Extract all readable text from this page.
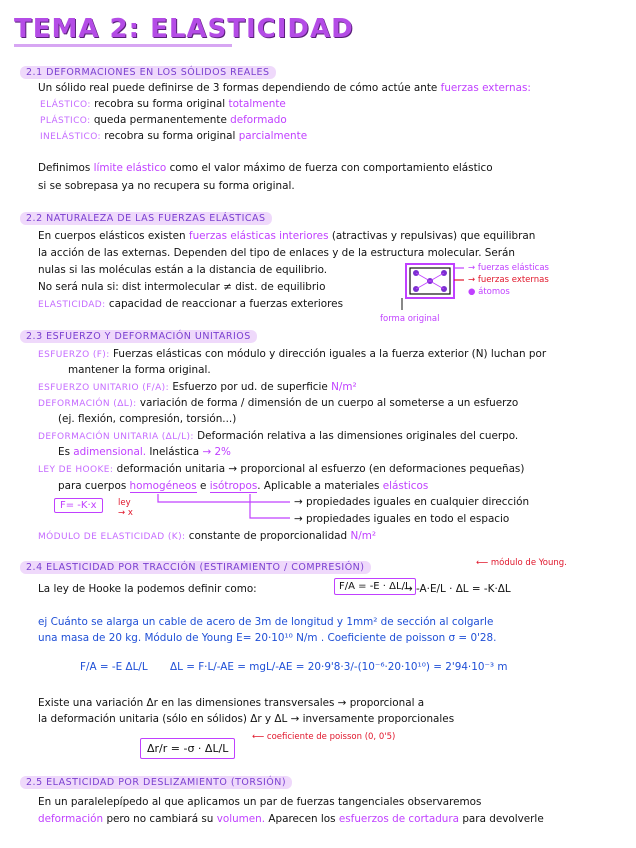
TEMA 2: ELASTICIDAD
2.1 DEFORMACIONES EN LOS SÓLIDOS REALES
Un sólido real puede definirse de 3 formas dependiendo de cómo actúe ante fuerzas externas:
ELÁSTICO: recobra su forma original totalmente
PLÁSTICO: queda permanentemente deformado
INELÁSTICO: recobra su forma original parcialmente
Definimos límite elástico como el valor máximo de fuerza con comportamiento elástico
si se sobrepasa ya no recupera su forma original.
2.2 NATURALEZA DE LAS FUERZAS ELÁSTICAS
En cuerpos elásticos existen fuerzas elásticas interiores (atractivas y repulsivas) que equilibran
la acción de las externas. Dependen del tipo de enlaces y de la estructura molecular. Serán
nulas si las moléculas están a la distancia de equilibrio.
No será nula si: dist intermolecular ≠ dist. de equilibrio
ELASTICIDAD: capacidad de reaccionar a fuerzas exteriores
→ fuerzas elásticas
→ fuerzas externas
● átomos
forma original
2.3 ESFUERZO Y DEFORMACIÓN UNITARIOS
ESFUERZO (F): Fuerzas elásticas con módulo y dirección iguales a la fuerza exterior (N) luchan por
mantener la forma original.
ESFUERZO UNITARIO (F/A): Esfuerzo por ud. de superficie N/m²
DEFORMACIÓN (ΔL): variación de forma / dimensión de un cuerpo al someterse a un esfuerzo
(ej. flexión, compresión, torsión...)
DEFORMACIÓN UNITARIA (ΔL/L): Deformación relativa a las dimensiones originales del cuerpo.
Es adimensional. Inelástica → 2%
LEY DE HOOKE: deformación unitaria → proporcional al esfuerzo (en deformaciones pequeñas)
para cuerpos homogéneos e isótropos. Aplicable a materiales elásticos
F= -K·x	ley
→ x
→ propiedades iguales en cualquier dirección
→ propiedades iguales en todo el espacio
MÓDULO DE ELASTICIDAD (K): constante de proporcionalidad N/m²
2.4 ELASTICIDAD POR TRACCIÓN (ESTIRAMIENTO / COMPRESIÓN)	⟵ módulo de Young.
La ley de Hooke la podemos definir como:	F/A = -E · ΔL/L
→ -A·E/L · ΔL = -K·ΔL
ej Cuánto se alarga un cable de acero de 3m de longitud y 1mm² de sección al colgarle
una masa de 20 kg. Módulo de Young E= 20·10¹⁰ N/m . Coeficiente de poisson σ = 0'28.
F/A = -E ΔL/L ΔL = F·L/-AE = mgL/-AE = 20·9'8·3/-(10⁻⁶·20·10¹⁰) = 2'94·10⁻³ m
Existe una variación Δr en las dimensiones transversales → proporcional a
la deformación unitaria (sólo en sólidos) Δr y ΔL → inversamente proporcionales
Δr/r = -σ · ΔL/L
⟵ coeficiente de poisson (0, 0'5)
2.5 ELASTICIDAD POR DESLIZAMIENTO (TORSIÓN)
En un paralelepípedo al que aplicamos un par de fuerzas tangenciales observaremos
deformación pero no cambiará su volumen. Aparecen los esfuerzos de cortadura para devolverle
